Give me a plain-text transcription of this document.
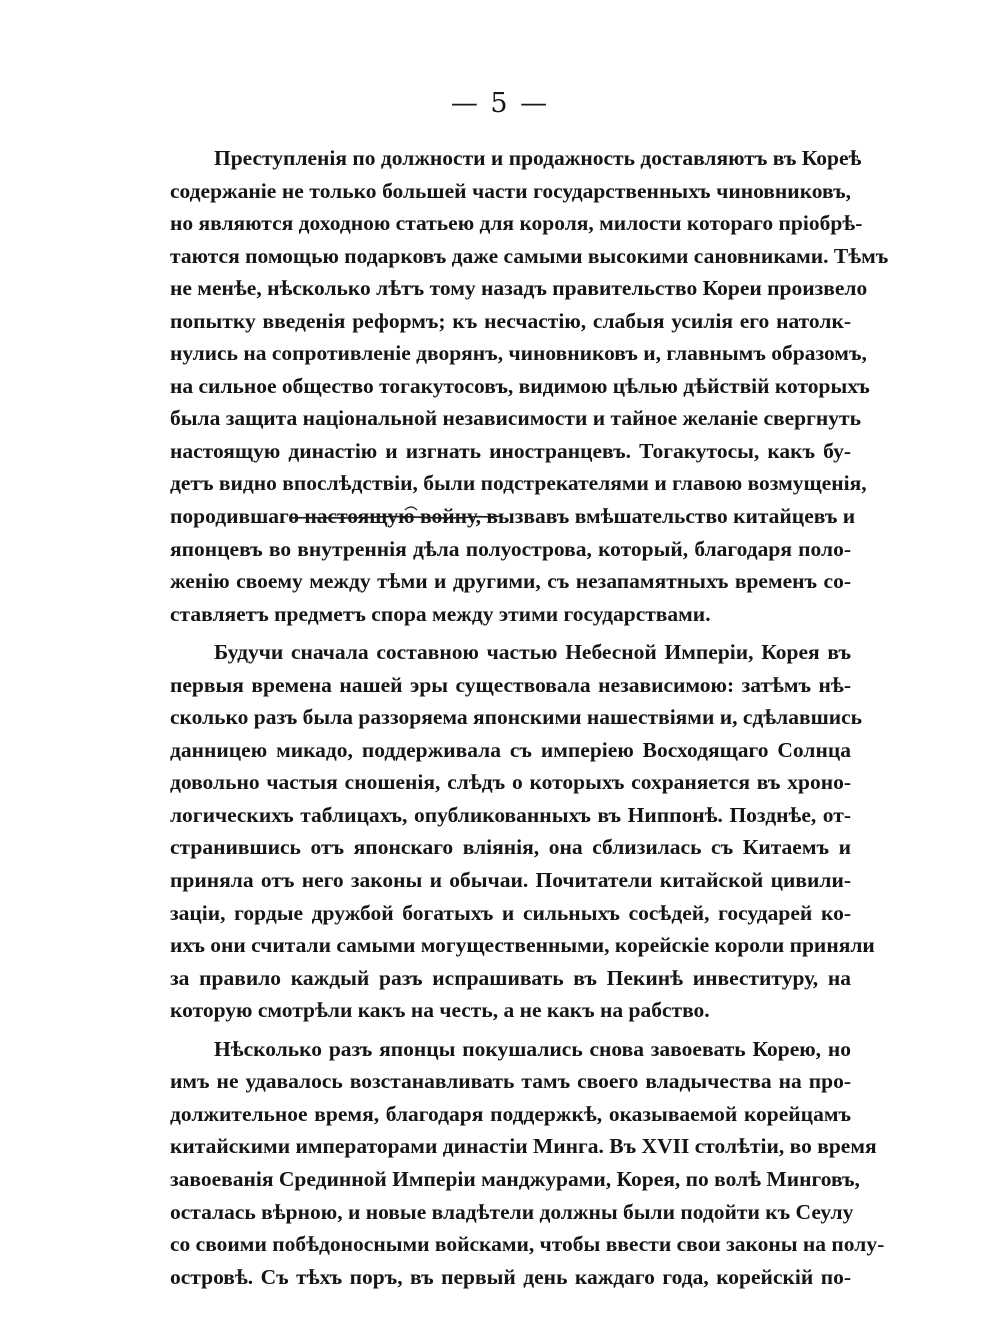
— 5 —
Преступленія по должности и продажность доставляютъ въ Кореѣ
содержаніе не только большей части государственныхъ чиновниковъ,
но являются доходною статьею для короля, милости котораго пріобрѣ-
таются помощью подарковъ даже самыми высокими сановниками. Тѣмъ
не менѣе, нѣсколько лѣтъ тому назадъ правительство Кореи произвело
попытку введенія реформъ; къ несчастію, слабыя усилія его натолк-
нулись на сопротивленіе дворянъ, чиновниковъ и, главнымъ образомъ,
на сильное общество тогакутосовъ, видимою цѣлью дѣйствій которыхъ
была защита національной независимости и тайное желаніе свергнуть
настоящую династію и изгнать иностранцевъ. Тогакутосы, какъ бу-
детъ видно впослѣдствіи, были подстрекателями и главою возмущенія,
породившаго настоящую войну, вызвавъ вмѣшательство китайцевъ и
японцевъ во внутреннія дѣла полуострова, который, благодаря поло-
женію своему между тѣми и другими, съ незапамятныхъ временъ со-
ставляетъ предметъ спора между этими государствами.
Будучи сначала составною частью Небесной Имперіи, Корея въ
первыя времена нашей эры существовала независимою: затѣмъ нѣ-
сколько разъ была раззоряема японскими нашествіями и, сдѣлавшись
данницею микадо, поддерживала съ имперіею Восходящаго Солнца
довольно частыя сношенія, слѣдъ о которыхъ сохраняется въ хроно-
логическихъ таблицахъ, опубликованныхъ въ Ниппонѣ. Позднѣе, от-
странившись отъ японскаго вліянія, она сблизилась съ Китаемъ и
приняла отъ него законы и обычаи. Почитатели китайской цивили-
заціи, гордые дружбой богатыхъ и сильныхъ сосѣдей, государей ко-
ихъ они считали самыми могущественными, корейскіе короли приняли
за правило каждый разъ испрашивать въ Пекинѣ инвеституру, на
которую смотрѣли какъ на честь, а не какъ на рабство.
Нѣсколько разъ японцы покушались снова завоевать Корею, но
имъ не удавалось возстанавливать тамъ своего владычества на про-
должительное время, благодаря поддержкѣ, оказываемой корейцамъ
китайскими императорами династіи Минга. Въ XVII столѣтіи, во время
завоеванія Срединной Имперіи манджурами, Корея, по волѣ Минговъ,
осталась вѣрною, и новые владѣтели должны были подойти къ Сеулу
со своими побѣдоносными войсками, чтобы ввести свои законы на полу-
островѣ. Съ тѣхъ поръ, въ первый день каждаго года, корейскій по-
